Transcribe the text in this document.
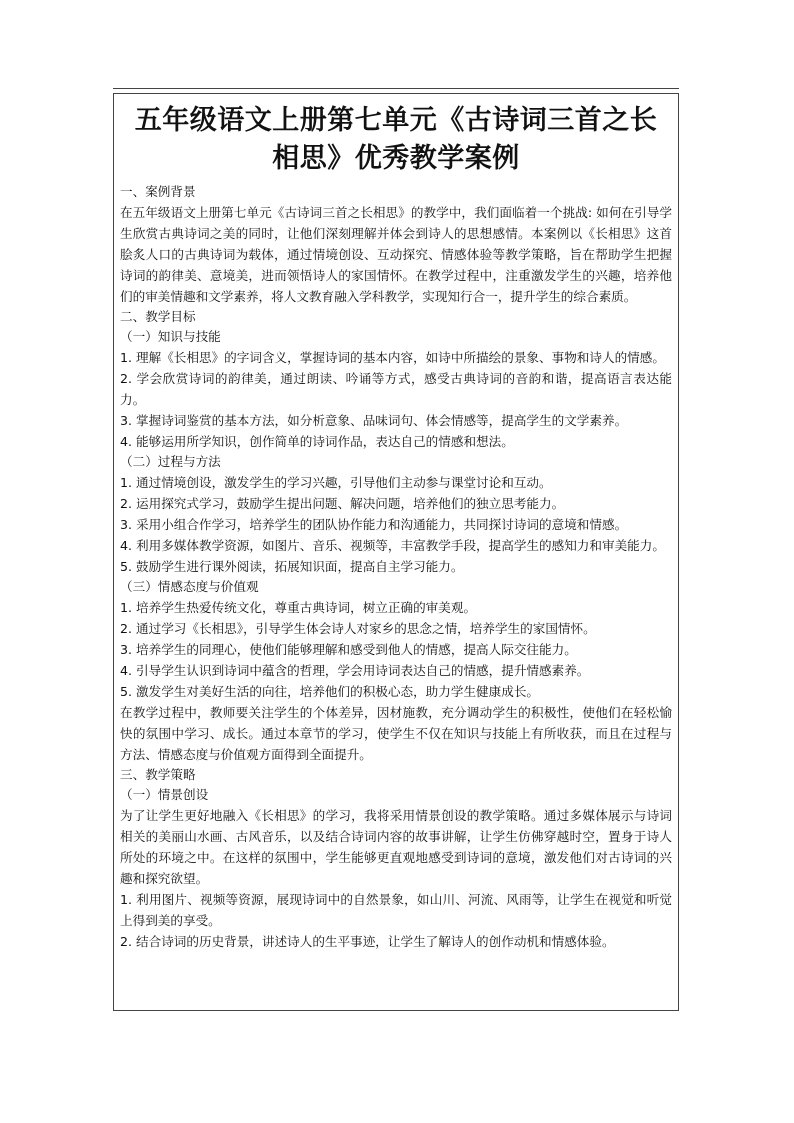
五年级语文上册第七单元《古诗词三首之长
相思》优秀教学案例

一、案例背景

在五年级语文上册第七单元《古诗词三首之长相思》的教学中，我们面临着一个挑战: 如何在引导学生欣赏古典诗词之美的同时，让他们深刻理解并体会到诗人的思想感情。本案例以《长相思》这首脍炙人口的古典诗词为载体，通过情境创设、互动探究、情感体验等教学策略，旨在帮助学生把握诗词的韵律美、意境美，进而领悟诗人的家国情怀。在教学过程中，注重激发学生的兴趣，培养他们的审美情趣和文学素养，将人文教育融入学科教学，实现知行合一，提升学生的综合素质。

二、教学目标

（一）知识与技能

1. 理解《长相思》的字词含义，掌握诗词的基本内容，如诗中所描绘的景象、事物和诗人的情感。

2. 学会欣赏诗词的韵律美，通过朗读、吟诵等方式，感受古典诗词的音韵和谐，提高语言表达能力。

3. 掌握诗词鉴赏的基本方法，如分析意象、品味词句、体会情感等，提高学生的文学素养。

4. 能够运用所学知识，创作简单的诗词作品，表达自己的情感和想法。

（二）过程与方法

1. 通过情境创设，激发学生的学习兴趣，引导他们主动参与课堂讨论和互动。

2. 运用探究式学习，鼓励学生提出问题、解决问题，培养他们的独立思考能力。

3. 采用小组合作学习，培养学生的团队协作能力和沟通能力，共同探讨诗词的意境和情感。

4. 利用多媒体教学资源，如图片、音乐、视频等，丰富教学手段，提高学生的感知力和审美能力。

5. 鼓励学生进行课外阅读，拓展知识面，提高自主学习能力。

（三）情感态度与价值观

1. 培养学生热爱传统文化，尊重古典诗词，树立正确的审美观。

2. 通过学习《长相思》，引导学生体会诗人对家乡的思念之情，培养学生的家国情怀。

3. 培养学生的同理心，使他们能够理解和感受到他人的情感，提高人际交往能力。

4. 引导学生认识到诗词中蕴含的哲理，学会用诗词表达自己的情感，提升情感素养。

5. 激发学生对美好生活的向往，培养他们的积极心态，助力学生健康成长。

在教学过程中，教师要关注学生的个体差异，因材施教，充分调动学生的积极性，使他们在轻松愉快的氛围中学习、成长。通过本章节的学习，使学生不仅在知识与技能上有所收获，而且在过程与方法、情感态度与价值观方面得到全面提升。

三、教学策略

（一）情景创设

为了让学生更好地融入《长相思》的学习，我将采用情景创设的教学策略。通过多媒体展示与诗词相关的美丽山水画、古风音乐，以及结合诗词内容的故事讲解，让学生仿佛穿越时空，置身于诗人所处的环境之中。在这样的氛围中，学生能够更直观地感受到诗词的意境，激发他们对古诗词的兴趣和探究欲望。

1. 利用图片、视频等资源，展现诗词中的自然景象，如山川、河流、风雨等，让学生在视觉和听觉上得到美的享受。

2. 结合诗词的历史背景，讲述诗人的生平事迹，让学生了解诗人的创作动机和情感体验。
